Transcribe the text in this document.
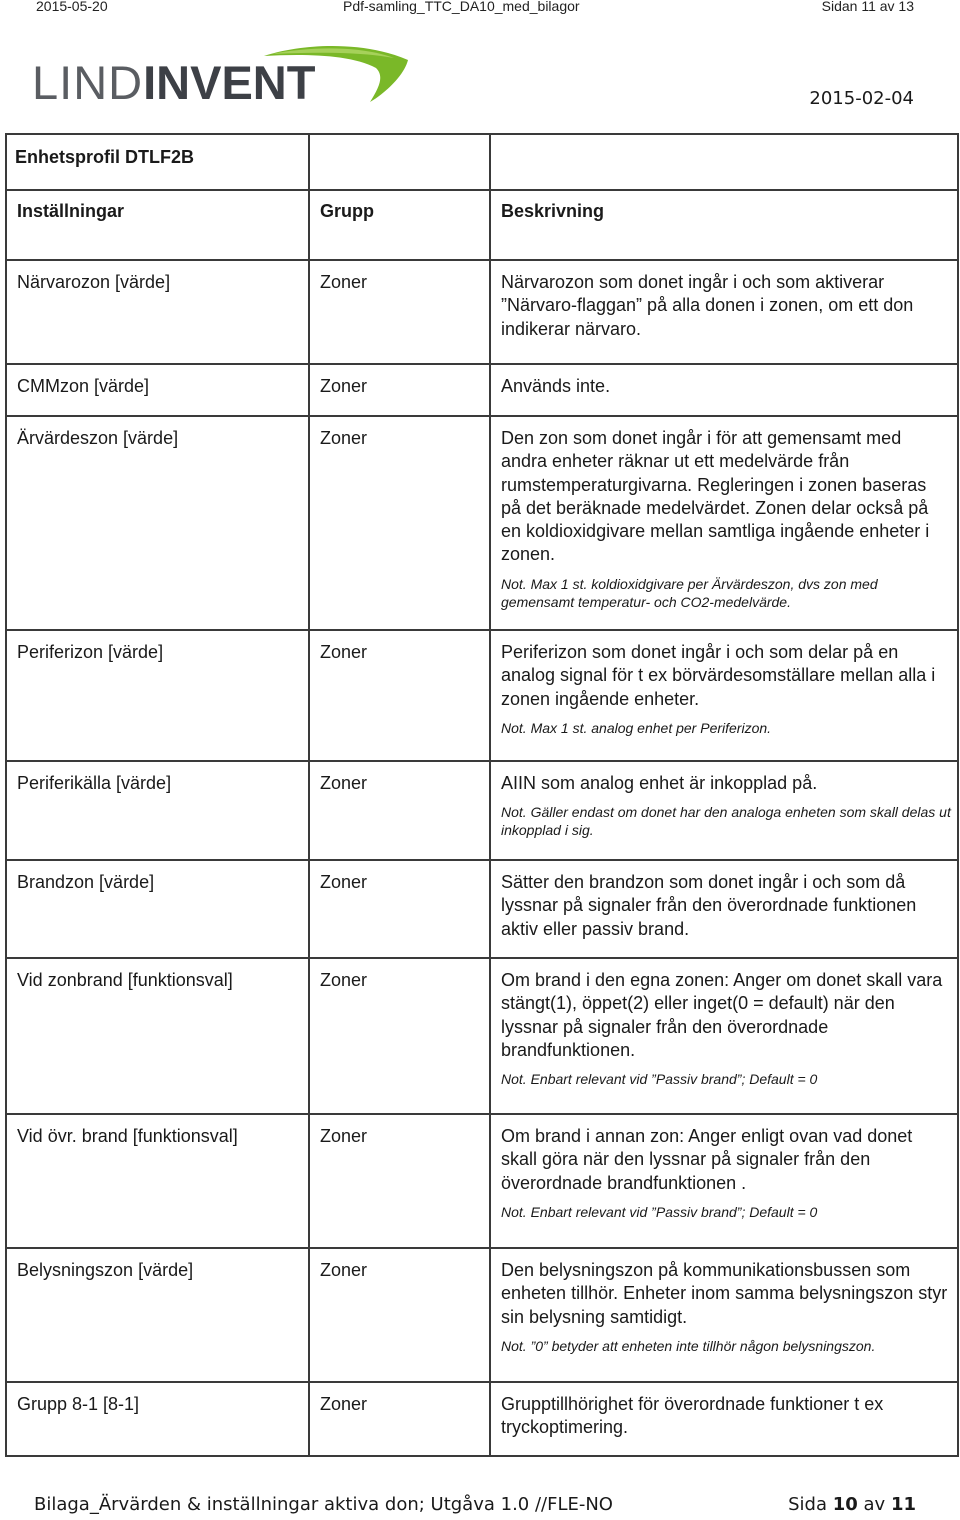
2015-05-20	Pdf-samling_TTC_DA10_med_bilagor	Sidan 11 av 13
LINDINVENT	2015-02-04
Enhetsprofil DTLF2B		

Inställningar	Grupp	Beskrivning

Närvarozon [värde]	Zoner	Närvarozon som donet ingår i och som aktiverar ”Närvaro-flaggan” på alla donen i zonen, om ett don indikerar närvaro.

CMMzon [värde]	Zoner	Används inte.

Ärvärdeszon [värde]	Zoner	Den zon som donet ingår i för att gemensamt med andra enheter räknar ut ett medelvärde från rumstemperaturgivarna. Regleringen i zonen baseras på det beräknade medelvärdet. Zonen delar också på en koldioxidgivare mellan samtliga ingående enheter i zonen.
Not. Max 1 st. koldioxidgivare per Ärvärdeszon, dvs zon med gemensamt temperatur- och CO2-medelvärde.

Periferizon [värde]	Zoner	Periferizon som donet ingår i och som delar på en analog signal för t ex börvärdesomställare mellan alla i zonen ingående enheter.
Not. Max 1 st. analog enhet per Periferizon.

Periferikälla [värde]	Zoner	AIIN som analog enhet är inkopplad på.
Not. Gäller endast om donet har den analoga enheten som skall delas ut inkopplad i sig.

Brandzon [värde]	Zoner	Sätter den brandzon som donet ingår i och som då lyssnar på signaler från den överordnade funktionen aktiv eller passiv brand.

Vid zonbrand [funktionsval]	Zoner	Om brand i den egna zonen: Anger om donet skall vara stängt(1), öppet(2) eller inget(0 = default) när den lyssnar på signaler från den överordnade brandfunktionen.
Not. Enbart relevant vid ”Passiv brand”; Default = 0

Vid övr. brand [funktionsval]	Zoner	Om brand i annan zon: Anger enligt ovan vad donet skall göra när den lyssnar på signaler från den överordnade brandfunktionen .
Not. Enbart relevant vid ”Passiv brand”; Default = 0

Belysningszon [värde]	Zoner	Den belysningszon på kommunikationsbussen som enheten tillhör. Enheter inom samma belysningszon styr sin belysning samtidigt.
Not. ”0” betyder att enheten inte tillhör någon belysningszon.

Grupp 8-1 [8-1]	Zoner	Grupptillhörighet för överordnade funktioner t ex tryckoptimering.
Bilaga_Ärvärden & inställningar aktiva don; Utgåva 1.0 //FLE-NO	Sida 10 av 11
